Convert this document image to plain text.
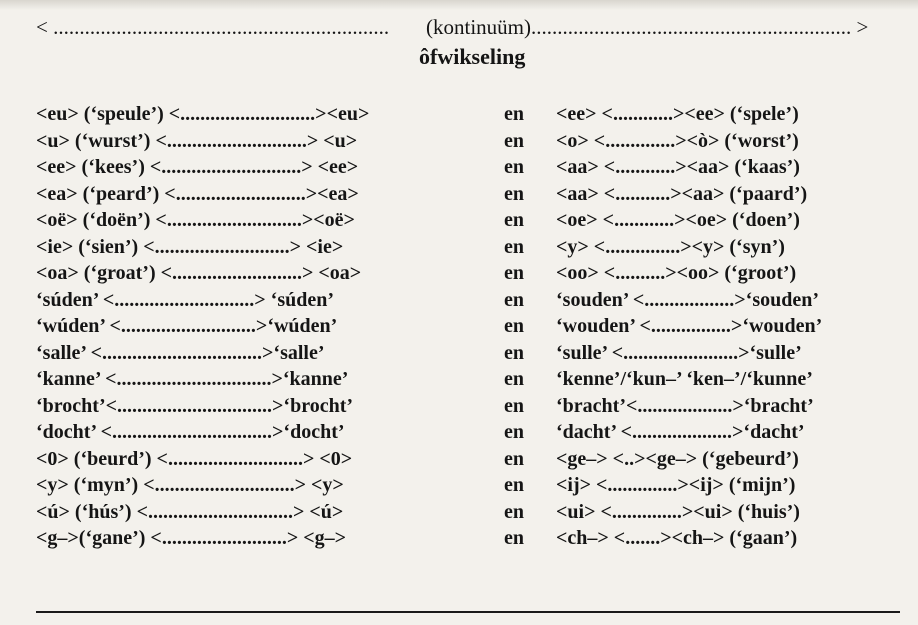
< ................................................................ (kontinuüm)............................................................. >
ôfwikseling
<eu> (‘speule’) <...........................><eu>	en <ee> <............><ee> (‘spele’)
<u> (‘wurst’) <............................> <u>	en <o> <..............><ò> (‘worst’)
<ee> (‘kees’) <............................> <ee>	en <aa> <............><aa> (‘kaas’)
<ea> (‘peard’) <..........................><ea>	en <aa> <...........><aa> (‘paard’)
<oë> (‘doën’) <...........................><oë>	en <oe> <............><oe> (‘doen’)
<ie> (‘sien’) <...........................> <ie>	en <y> <...............><y> (‘syn’)
<oa> (‘groat’) <..........................> <oa>	en <oo> <..........><oo> (‘groot’)
‘súden’ <............................> ‘súden’	en ‘souden’ <..................>‘souden’
‘wúden’ <...........................>‘wúden’	en ‘wouden’ <................>‘wouden’
‘salle’ <................................>‘salle’	en ‘sulle’ <.......................>‘sulle’
‘kanne’ <...............................>‘kanne’	en ‘kenne’/‘kun–’ ‘ken–’/‘kunne’
‘brocht’<...............................>‘brocht’	en ‘bracht’<...................>‘bracht’
‘docht’ <................................>‘docht’	en ‘dacht’ <....................>‘dacht’
<0> (‘beurd’) <...........................> <0>	en <ge–> <..><ge–> (‘gebeurd’)
<y> (‘myn’) <............................> <y>	en <ij> <..............><ij> (‘mijn’)
<ú> (‘hús’) <.............................> <ú>	en <ui> <..............><ui> (‘huis’)
<g–>(‘gane’) <.........................> <g–>	en <ch–> <.......><ch–> (‘gaan’)
